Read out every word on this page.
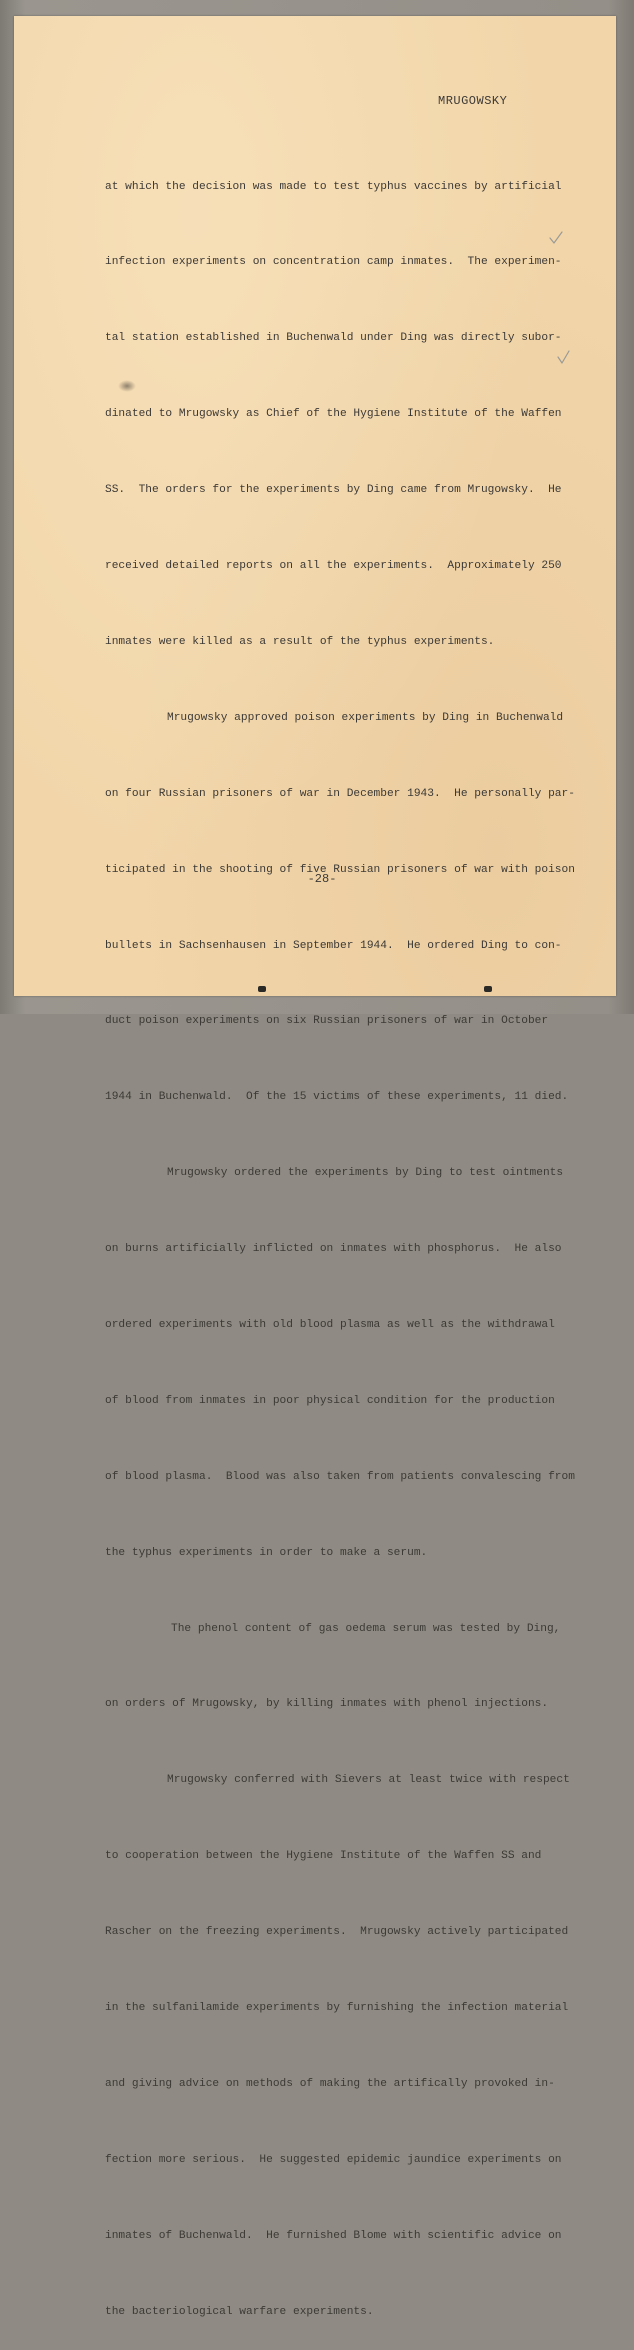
MRUGOWSKY

at which the decision was made to test typhus vaccines by artificial

infection experiments on concentration camp inmates.  The experimen-

tal station established in Buchenwald under Ding was directly subor-

dinated to Mrugowsky as Chief of the Hygiene Institute of the Waffen

SS.  The orders for the experiments by Ding came from Mrugowsky.  He

received detailed reports on all the experiments.  Approximately 250

inmates were killed as a result of the typhus experiments.

Mrugowsky approved poison experiments by Ding in Buchenwald

on four Russian prisoners of war in December 1943.  He personally par-

ticipated in the shooting of five Russian prisoners of war with poison

bullets in Sachsenhausen in September 1944.  He ordered Ding to con-

duct poison experiments on six Russian prisoners of war in October

1944 in Buchenwald.  Of the 15 victims of these experiments, 11 died.

Mrugowsky ordered the experiments by Ding to test ointments

on burns artificially inflicted on inmates with phosphorus.  He also

ordered experiments with old blood plasma as well as the withdrawal

of blood from inmates in poor physical condition for the production

of blood plasma.  Blood was also taken from patients convalescing from

the typhus experiments in order to make a serum.

The phenol content of gas oedema serum was tested by Ding,

on orders of Mrugowsky, by killing inmates with phenol injections.

Mrugowsky conferred with Sievers at least twice with respect

to cooperation between the Hygiene Institute of the Waffen SS and

Rascher on the freezing experiments.  Mrugowsky actively participated

in the sulfanilamide experiments by furnishing the infection material

and giving advice on methods of making the artifically provoked in-

fection more serious.  He suggested epidemic jaundice experiments on

inmates of Buchenwald.  He furnished Blome with scientific advice on

the bacteriological warfare experiments.

-28-
